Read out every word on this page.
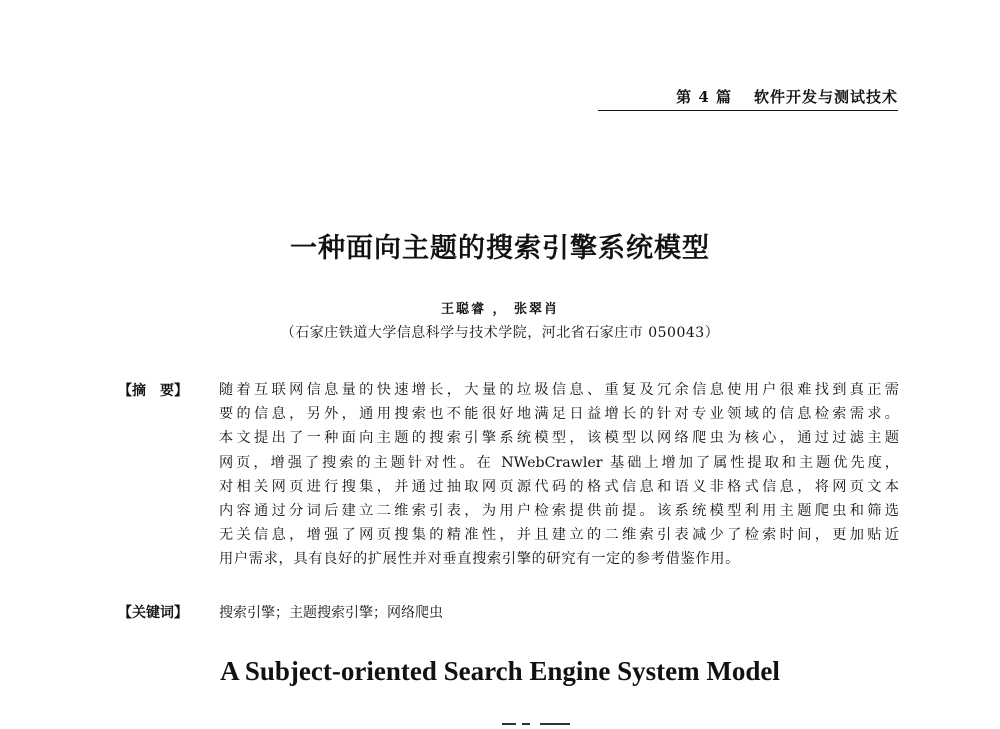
第 4 篇 软件开发与测试技术
一种面向主题的搜索引擎系统模型
王聪睿 ， 张翠肖
（石家庄铁道大学信息科学与技术学院，河北省石家庄市 050043）
【摘　要】 随着互联网信息量的快速增长，大量的垃圾信息、重复及冗余信息使用户很难找到真正需
要的信息，另外，通用搜索也不能很好地满足日益增长的针对专业领域的信息检索需求。
本文提出了一种面向主题的搜索引擎系统模型，该模型以网络爬虫为核心，通过过滤主题
网页，增强了搜索的主题针对性。在 NWebCrawler 基础上增加了属性提取和主题优先度，
对相关网页进行搜集，并通过抽取网页源代码的格式信息和语义非格式信息，将网页文本
内容通过分词后建立二维索引表，为用户检索提供前提。该系统模型利用主题爬虫和筛选
无关信息，增强了网页搜集的精准性，并且建立的二维索引表减少了检索时间，更加贴近
用户需求，具有良好的扩展性并对垂直搜索引擎的研究有一定的参考借鉴作用。
【关键词】 搜索引擎；主题搜索引擎；网络爬虫
A Subject-oriented Search Engine System Model
